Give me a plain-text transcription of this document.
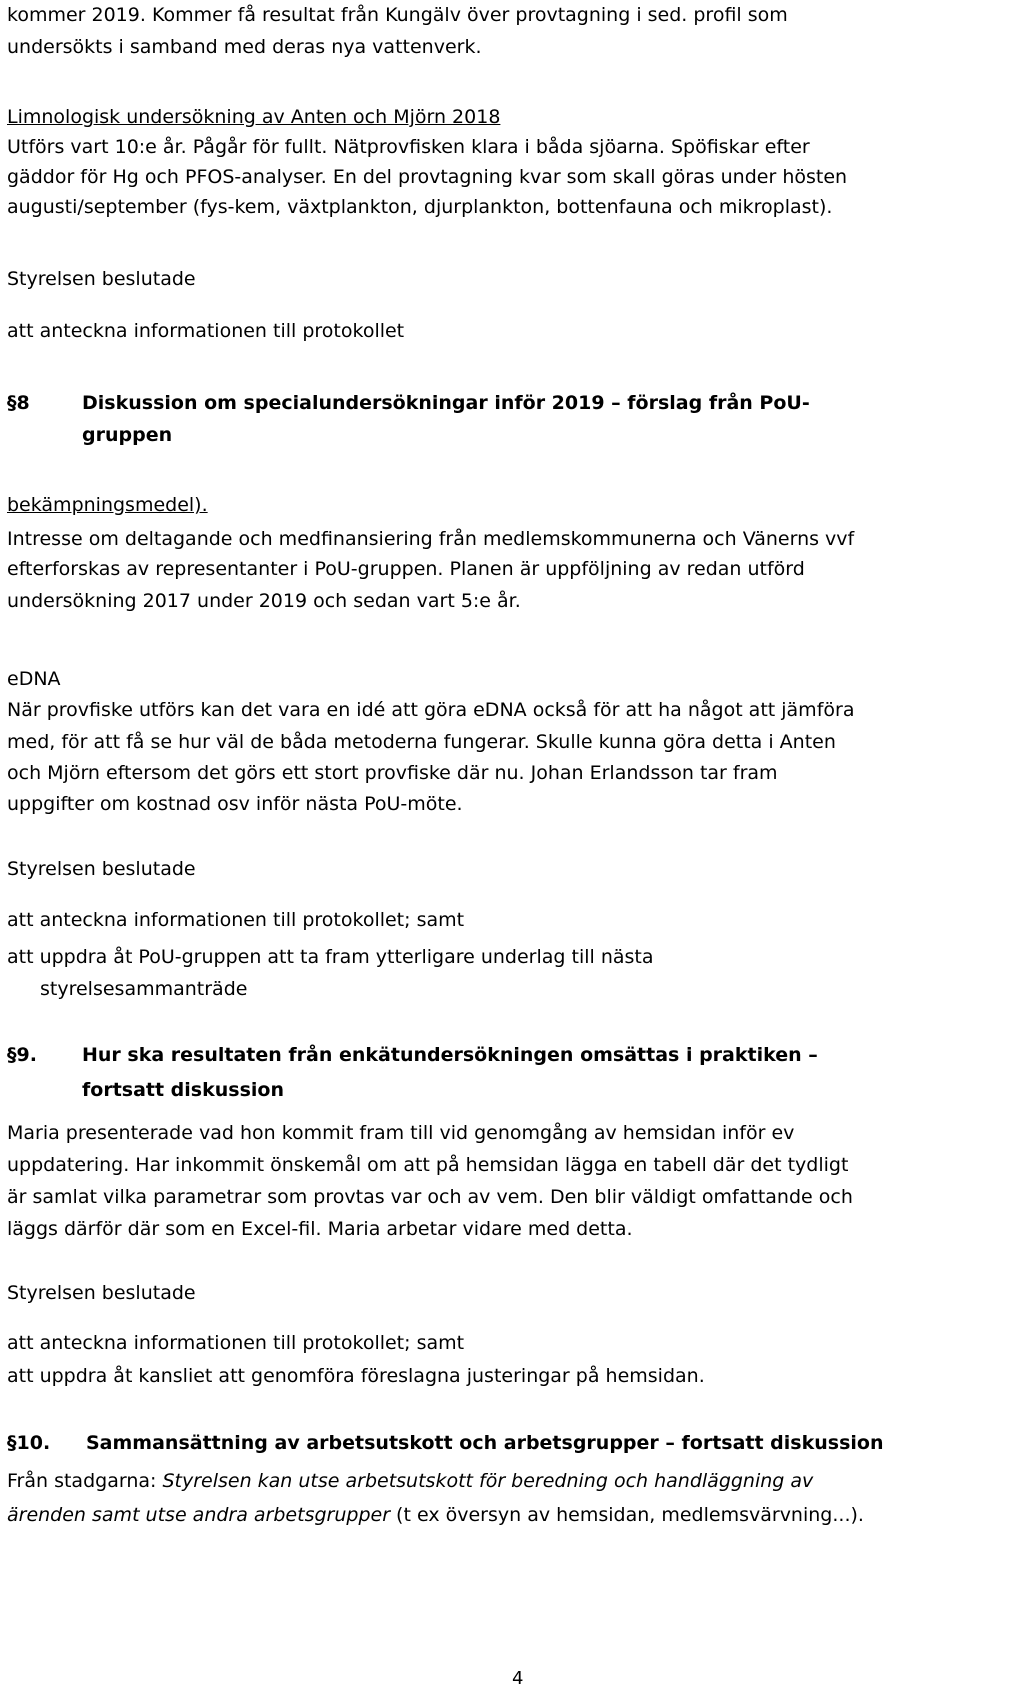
kommer 2019. Kommer få resultat från Kungälv över provtagning i sed. profil som
undersökts i samband med deras nya vattenverk.
Limnologisk undersökning av Anten och Mjörn 2018
Utförs vart 10:e år. Pågår för fullt. Nätprovfisken klara i båda sjöarna. Spöfiskar efter
gäddor för Hg och PFOS-analyser. En del provtagning kvar som skall göras under hösten
augusti/september (fys-kem, växtplankton, djurplankton, bottenfauna och mikroplast).
Styrelsen beslutade
att anteckna informationen till protokollet
§8	Diskussion om specialundersökningar inför 2019 – förslag från PoU-
gruppen
bekämpningsmedel).
Intresse om deltagande och medfinansiering från medlemskommunerna och Vänerns vvf
efterforskas av representanter i PoU-gruppen. Planen är uppföljning av redan utförd
undersökning 2017 under 2019 och sedan vart 5:e år.
eDNA
När provfiske utförs kan det vara en idé att göra eDNA också för att ha något att jämföra
med, för att få se hur väl de båda metoderna fungerar. Skulle kunna göra detta i Anten
och Mjörn eftersom det görs ett stort provfiske där nu. Johan Erlandsson tar fram
uppgifter om kostnad osv inför nästa PoU-möte.
Styrelsen beslutade
att anteckna informationen till protokollet; samt
att uppdra åt PoU-gruppen att ta fram ytterligare underlag till nästa
styrelsesammanträde
§9. Hur ska resultaten från enkätundersökningen omsättas i praktiken –
fortsatt diskussion
Maria presenterade vad hon kommit fram till vid genomgång av hemsidan inför ev
uppdatering. Har inkommit önskemål om att på hemsidan lägga en tabell där det tydligt
är samlat vilka parametrar som provtas var och av vem. Den blir väldigt omfattande och
läggs därför där som en Excel-fil. Maria arbetar vidare med detta.
Styrelsen beslutade
att anteckna informationen till protokollet; samt
att uppdra åt kansliet att genomföra föreslagna justeringar på hemsidan.
§10. Sammansättning av arbetsutskott och arbetsgrupper – fortsatt diskussion
Från stadgarna: Styrelsen kan utse arbetsutskott för beredning och handläggning av
ärenden samt utse andra arbetsgrupper (t ex översyn av hemsidan, medlemsvärvning...).
4
